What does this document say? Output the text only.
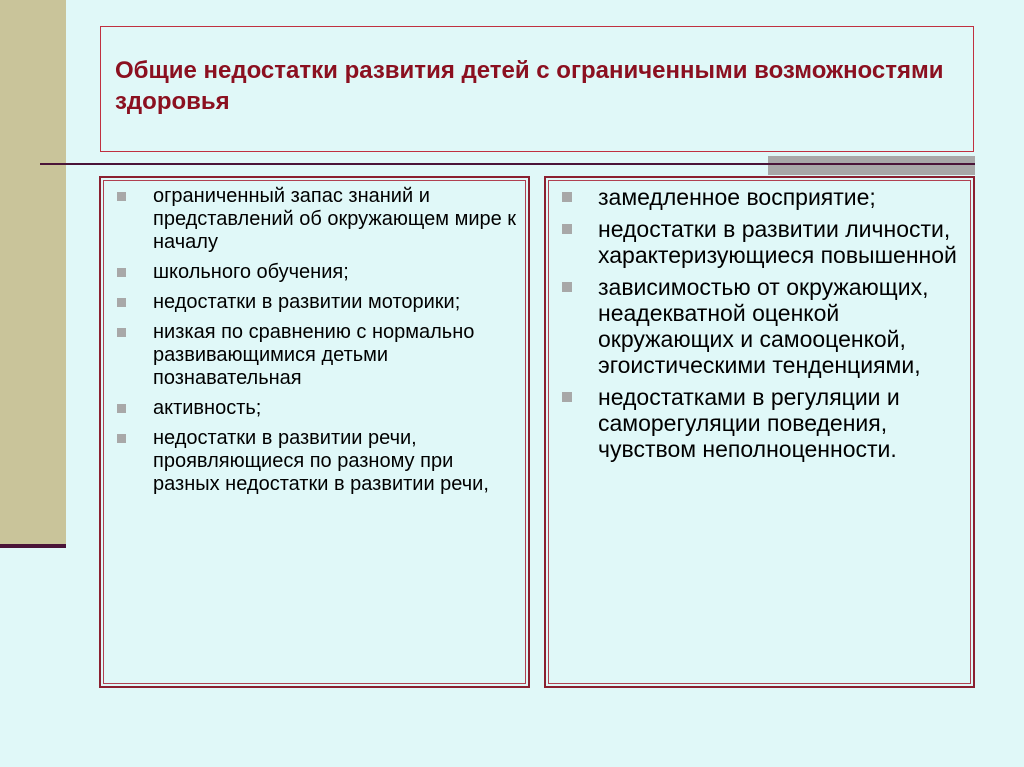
Общие недостатки развития детей с ограниченными возможностями здоровья
ограниченный запас знаний и представлений об окружающем мире к началу
школьного обучения;
недостатки в развитии моторики;
низкая по сравнению с нормально развивающимися детьми познавательная
активность;
недостатки в развитии речи, проявляющиеся по разному при разных недостатки в развитии речи,
замедленное восприятие;
недостатки в развитии личности, характеризующиеся повышенной
зависимостью от окружающих, неадекватной оценкой окружающих и самооценкой, эгоистическими тенденциями,
недостатками в регуляции и саморегуляции поведения, чувством неполноценности.
